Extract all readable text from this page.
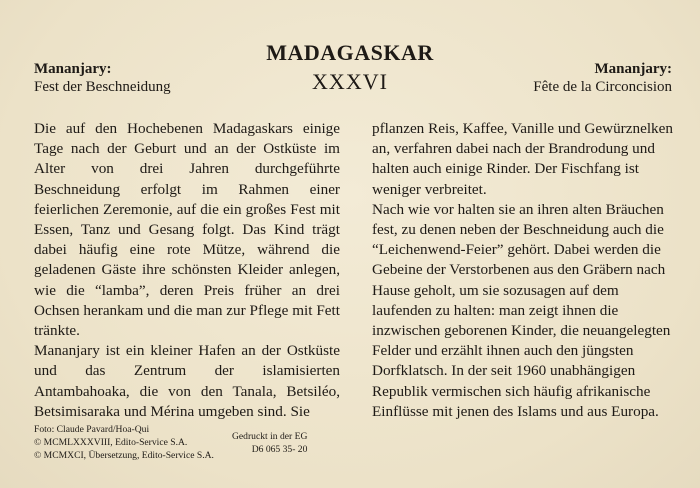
Mananjary:
Fest der Beschneidung
MADAGASKAR
XXXVI	Mananjary:
Fête de la Circoncision

Die auf den Hochebenen Madagaskars einige Tage nach der Geburt und an der Ostküste im Alter von drei Jahren durchgeführte Beschneidung erfolgt im Rahmen einer feierlichen Zeremonie, auf die ein großes Fest mit Essen, Tanz und Gesang folgt. Das Kind trägt dabei häufig eine rote Mütze, während die geladenen Gäste ihre schönsten Kleider anlegen, wie die “lamba”, deren Preis früher an drei Ochsen herankam und die man zur Pflege mit Fett tränkte.

Mananjary ist ein kleiner Hafen an der Ostküste und das Zentrum der islamisierten Antambahoaka, die von den Tanala, Betsiléo, Betsimisaraka und Mérina umgeben sind. Sie

pflanzen Reis, Kaffee, Vanille und Gewürznelken an, verfahren dabei nach der Brandrodung und halten auch einige Rinder. Der Fischfang ist weniger verbreitet.

Nach wie vor halten sie an ihren alten Bräuchen fest, zu denen neben der Beschneidung auch die “Leichenwend-Feier” gehört. Dabei werden die Gebeine der Verstorbenen aus den Gräbern nach Hause geholt, um sie sozusagen auf dem laufenden zu halten: man zeigt ihnen die inzwischen geborenen Kinder, die neuangelegten Felder und erzählt ihnen auch den jüngsten Dorfklatsch. In der seit 1960 unabhängigen Republik vermischen sich häufig afrikanische Einflüsse mit jenen des Islams und aus Europa.

Foto: Claude Pavard/Hoa-Qui
© MCMLXXXVIII, Edito-Service S.A.
© MCMXCI, Übersetzung, Edito-Service S.A.
Gedruckt in der EG
D6 065 35- 20
